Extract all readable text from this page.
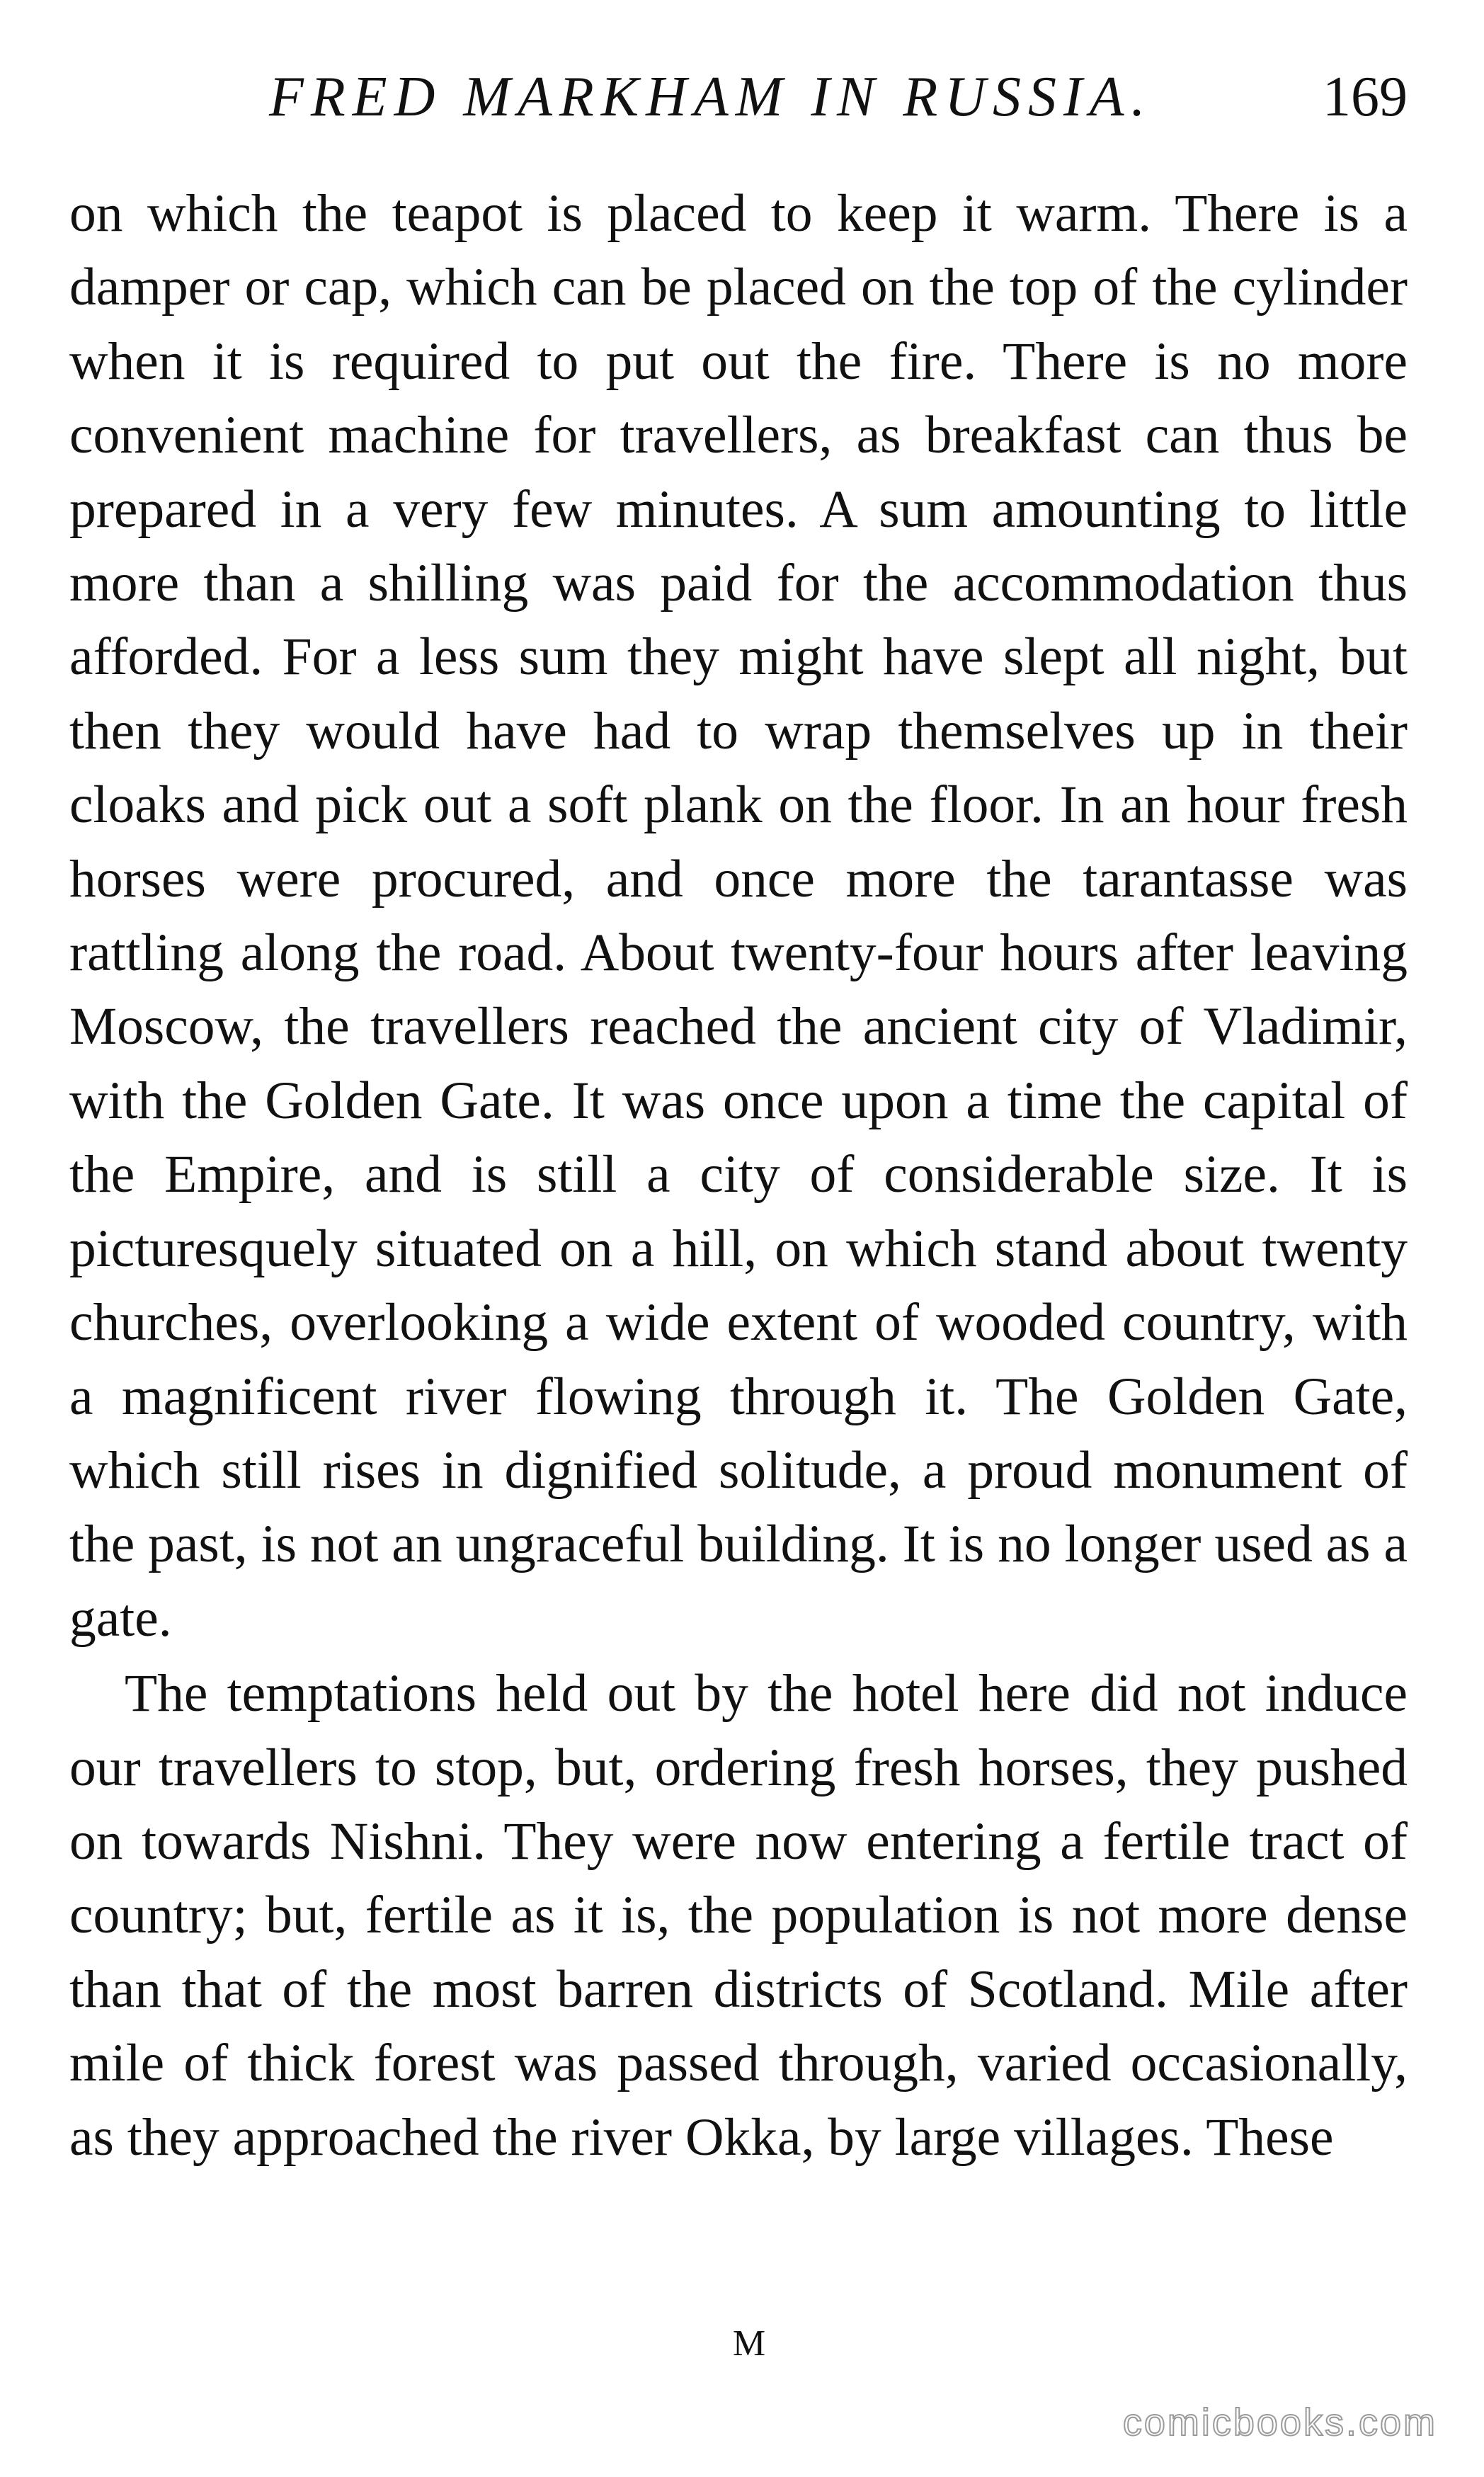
FRED MARKHAM IN RUSSIA.	169

on which the teapot is placed to keep it warm. There is a damper or cap, which can be placed on the top of the cylinder when it is required to put out the fire. There is no more convenient machine for travellers, as breakfast can thus be prepared in a very few minutes. A sum amounting to little more than a shilling was paid for the accommodation thus afforded. For a less sum they might have slept all night, but then they would have had to wrap themselves up in their cloaks and pick out a soft plank on the floor. In an hour fresh horses were procured, and once more the tarantasse was rattling along the road. About twenty-four hours after leaving Moscow, the travellers reached the ancient city of Vladimir, with the Golden Gate. It was once upon a time the capital of the Empire, and is still a city of considerable size. It is picturesquely situated on a hill, on which stand about twenty churches, overlooking a wide extent of wooded country, with a magnificent river flowing through it. The Golden Gate, which still rises in dignified solitude, a proud monument of the past, is not an ungraceful building. It is no longer used as a gate.

The temptations held out by the hotel here did not induce our travellers to stop, but, ordering fresh horses, they pushed on towards Nishni. They were now entering a fertile tract of country; but, fertile as it is, the population is not more dense than that of the most barren districts of Scotland. Mile after mile of thick forest was passed through, varied occasionally, as they approached the river Okka, by large villages. These

M
comicbooks.com
